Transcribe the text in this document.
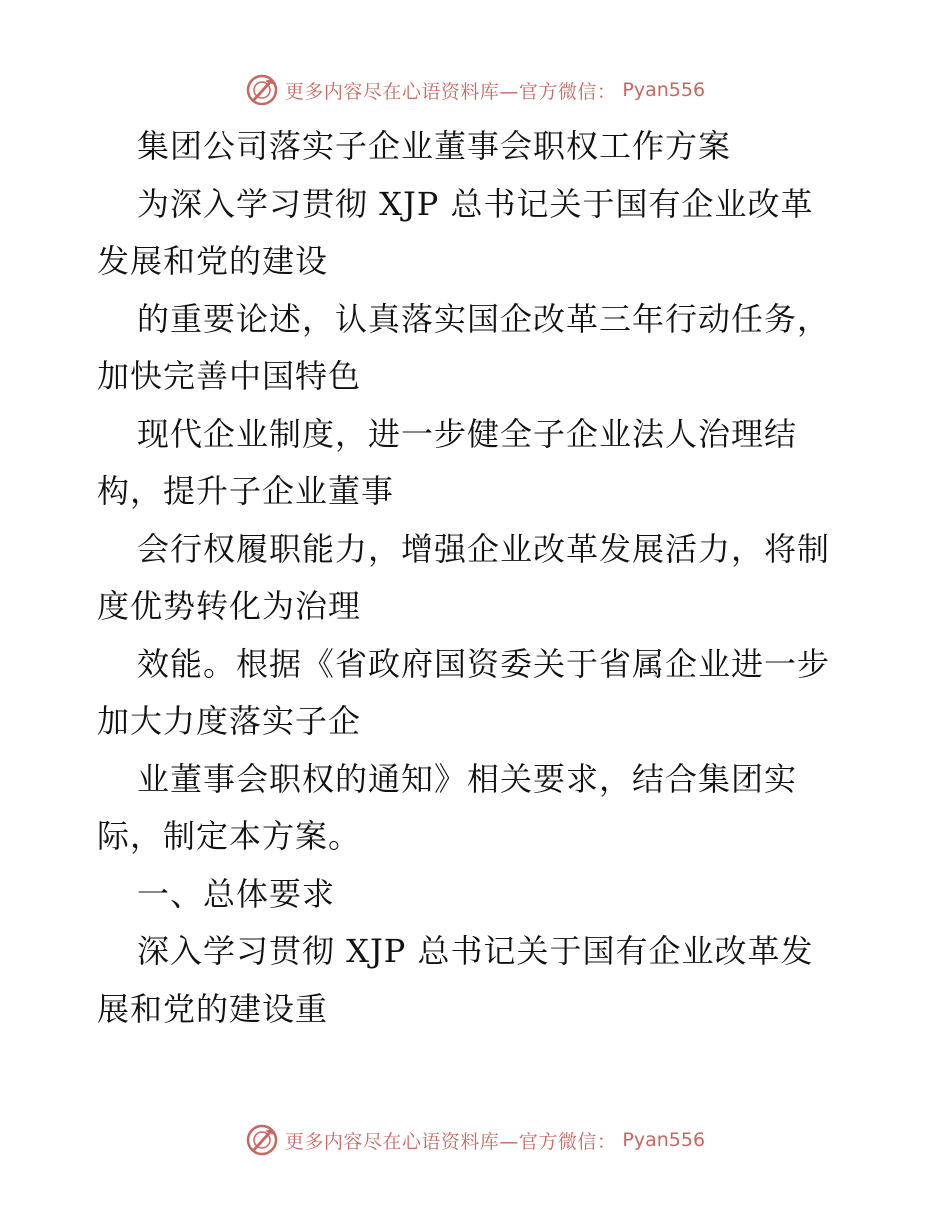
更多内容尽在心语资料库—官方微信： Pyan556
集团公司落实子企业董事会职权工作方案
为深入学习贯彻 XJP 总书记关于国有企业改革
发展和党的建设
的重要论述，认真落实国企改革三年行动任务，
加快完善中国特色
现代企业制度，进一步健全子企业法人治理结
构，提升子企业董事
会行权履职能力，增强企业改革发展活力，将制
度优势转化为治理
效能。根据《省政府国资委关于省属企业进一步
加大力度落实子企
业董事会职权的通知》相关要求，结合集团实
际，制定本方案。
一、总体要求
深入学习贯彻 XJP 总书记关于国有企业改革发
展和党的建设重
更多内容尽在心语资料库—官方微信： Pyan556
